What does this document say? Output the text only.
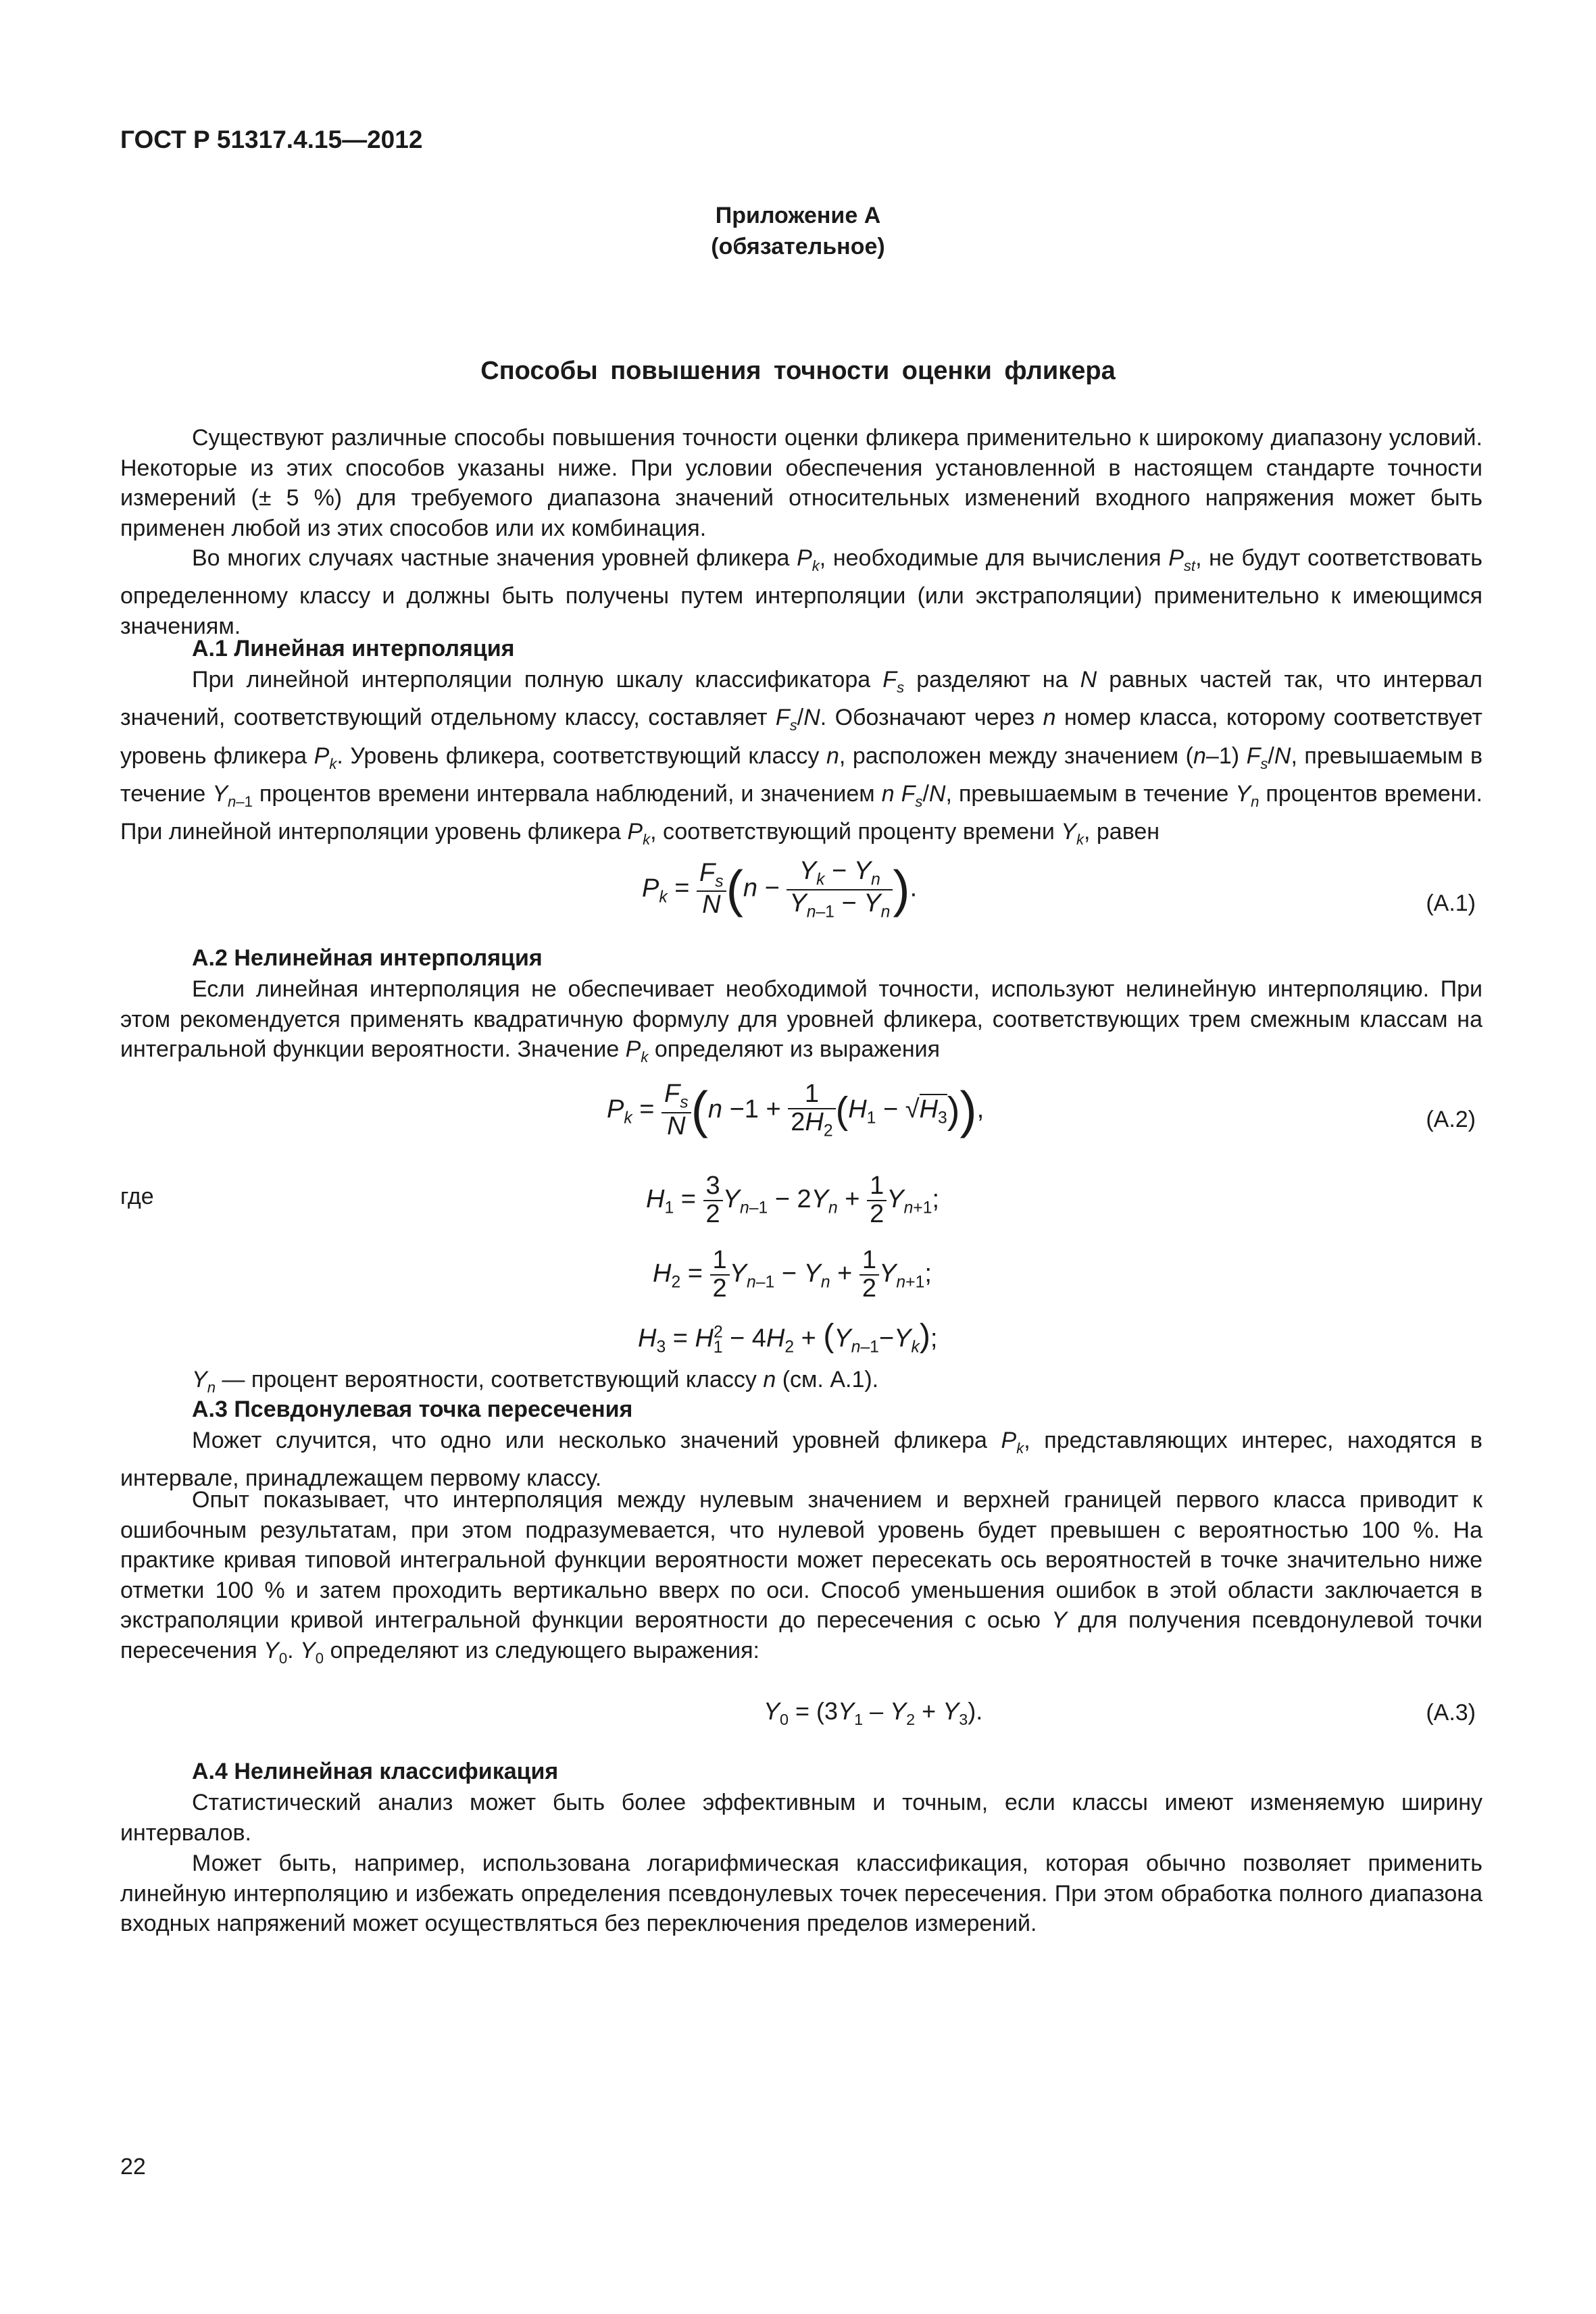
ГОСТ Р 51317.4.15—2012
Приложение А
(обязательное)
Способы повышения точности оценки фликера
Существуют различные способы повышения точности оценки фликера применительно к широкому диапазону условий. Некоторые из этих способов указаны ниже. При условии обеспечения установленной в настоящем стандарте точности измерений (± 5 %) для требуемого диапазона значений относительных изменений входного напряжения может быть применен любой из этих способов или их комбинация.
Во многих случаях частные значения уровней фликера $P_k$, необходимые для вычисления $P_{st}$, не будут соответствовать определенному классу и должны быть получены путем интерполяции (или экстраполяции) применительно к имеющимся значениям.
А.1 Линейная интерполяция
При линейной интерполяции полную шкалу классификатора $F_s$ разделяют на N равных частей так, что интервал значений, соответствующий отдельному классу, составляет $F_s/N$. Обозначают через n номер класса, которому соответствует уровень фликера $P_k$. Уровень фликера, соответствующий классу n, расположен между значением (n–1) $F_s/N$, превышаемым в течение $Y_{n-1}$ процентов времени интервала наблюдений, и значением n $F_s/N$, превышаемым в течение $Y_n$ процентов времени. При линейной интерполяции уровень фликера $P_k$, соответствующий проценту времени $Y_k$, равен
$P_k = \frac{F_s}{N} (n - \frac{Y_k - Y_n}{Y_{n-1} - Y_n}$ ).
(А.1)
А.2 Нелинейная интерполяция
Если линейная интерполяция не обеспечивает необходимой точности, используют нелинейную интерполяцию. При этом рекомендуется применять квадратичную формулу для уровней фликера, соответствующих трем смежным классам на интегральной функции вероятности. Значение $P_k$ определяют из выражения
$P_k = \frac{F_s}{N} (n -1 + \frac{1}{2H_2} (H_1 - √H_3))$,	(А.2)
где	$H_1 = \frac{3}{2} Y_{n-1} - 2Y_n + \frac{1}{2} Y_{n+1}$;
$H_2 = \frac{1}{2} Y_{n-1} - Y_n + \frac{1}{2} Y_{n+1}$;
$H_3 = H^2_1 - 4H_2 + (Y_{n-1}-Y_k)$;
$Y_n$ — процент вероятности, соответствующий классу n (см. А.1).
А.3 Псевдонулевая точка пересечения
Может случится, что одно или несколько значений уровней фликера $P_k$, представляющих интерес, находятся в интервале, принадлежащем первому классу.
Опыт показывает, что интерполяция между нулевым значением и верхней границей первого класса приводит к ошибочным результатам, при этом подразумевается, что нулевой уровень будет превышен с вероятностью 100 %. На практике кривая типовой интегральной функции вероятности может пересекать ось вероятностей в точке значительно ниже отметки 100 % и затем проходить вертикально вверх по оси. Способ уменьшения ошибок в этой области заключается в экстраполяции кривой интегральной функции вероятности до пересечения с осью Y для получения псевдонулевой точки пересечения $Y_0$. $Y_0$ определяют из следующего выражения:
$Y_0 = (3Y_1 - Y_2 + Y_3)$.	(А.3)
А.4 Нелинейная классификация
Статистический анализ может быть более эффективным и точным, если классы имеют изменяемую ширину интервалов.
Может быть, например, использована логарифмическая классификация, которая обычно позволяет применить линейную интерполяцию и избежать определения псевдонулевых точек пересечения. При этом обработка полного диапазона входных напряжений может осуществляться без переключения пределов измерений.
22
